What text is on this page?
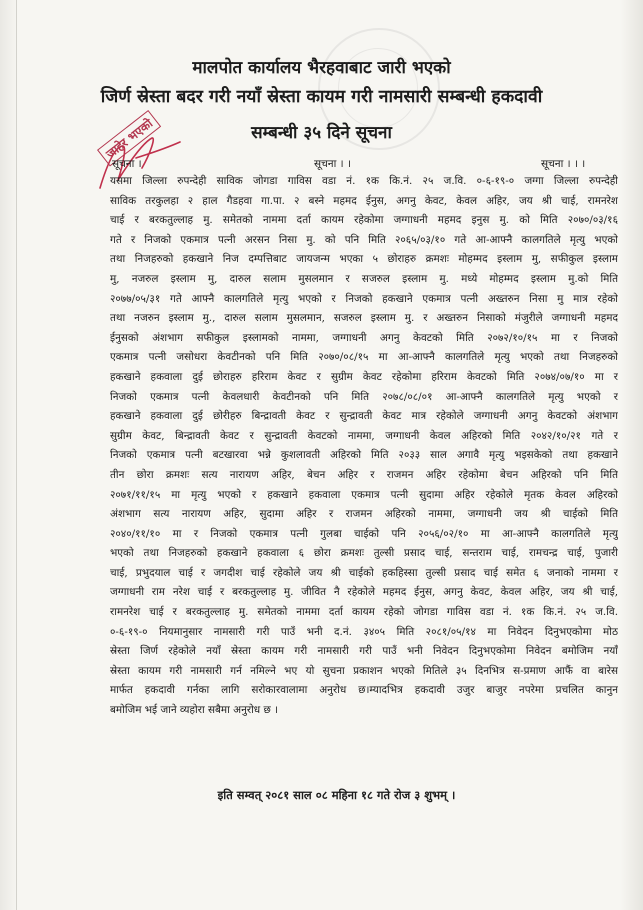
मालपोत कार्यालय भैरहवाबाट जारी भएको
जिर्ण स्रेस्ता बदर गरी नयाँ स्रेस्ता कायम गरी नामसारी सम्बन्धी हकदावी
सम्बन्धी ३५ दिने सूचना
जाहेर भएको
सूचना ।	सूचना । ।	सूचना । । ।
यसमा जिल्ला रुपन्देही साविक जोगडा गाविस वडा नं. १क कि.नं. २५ ज.वि. ०-६-१९-० जग्गा जिल्ला रुपन्देही
साविक तरकुलहा २ हाल गैडहवा गा.पा. २ बस्ने महमद ईनुस, अगनु केवट, केवल अहिर, जय श्री चाई, रामनरेश
चाई र बरकतुल्लाह मु. समेतको नाममा दर्ता कायम रहेकोमा जग्गाधनी महमद इनुस मु. को मिति २०७०/०३/१६
गते र निजको एकमात्र पत्नी अरसन निसा मु. को पनि मिति २०६५/०३/१० गते आ-आफ्नै कालगतिले मृत्यु भएको
तथा निजहरुको हकखाने निज दम्पत्तिबाट जायजन्म भएका ५ छोराहरु क्रमशः मोहम्मद इस्लाम मु, सफीकुल इस्लाम
मु, नजरुल इस्लाम मु, दारुल सलाम मुसलमान र सजरुल इस्लाम मु. मध्ये मोहम्मद इस्लाम मु.को मिति
२०७७/०५/३१ गते आफ्नै कालगतिले मृत्यु भएको र निजको हकखाने एकमात्र पत्नी अख्तरुन निसा मु मात्र रहेको
तथा नजरुन इस्लाम मु., दारुल सलाम मुसलमान, सजरुल इस्लाम मु. र अख्तरुन निसाको मंजुरीले जग्गाधनी महमद
ईनुसको अंशभाग सफीकुल इस्लामको नाममा, जग्गाधनी अगनु केवटको मिति २०७२/१०/१५ मा र निजको
एकमात्र पत्नी जसोधरा केवटीनको पनि मिति २०७०/०८/१५ मा आ-आफ्नै कालगतिले मृत्यु भएको तथा निजहरुको
हकखाने हकवाला दुई छोराहरु हरिराम केवट र सुग्रीम केवट रहेकोमा हरिराम केवटको मिति २०७४/०७/१० मा र
निजको एकमात्र पत्नी केवलधारी केवटीनको पनि मिति २०७८/०८/०१ आ-आफ्नै कालगतिले मृत्यु भएको र
हकखाने हकवाला दुई छोरीहरु बिन्द्रावती केवट र सुन्द्रावती केवट मात्र रहेकोले जग्गाधनी अगनु केवटको अंशभाग
सुग्रीम केवट, बिन्द्रावती केवट र सुन्द्रावती केवटको नाममा, जग्गाधनी केवल अहिरको मिति २०४२/१०/२१ गते र
निजको एकमात्र पत्नी बटखारवा भन्ने कुशलावती अहिरको मिति २०३३ साल अगावै मृत्यु भइसकेको तथा हकखाने
तीन छोरा क्रमशः सत्य नारायण अहिर, बेचन अहिर र राजमन अहिर रहेकोमा बेचन अहिरको पनि मिति
२०७१/११/१५ मा मृत्यु भएको र हकखाने हकवाला एकमात्र पत्नी सुदामा अहिर रहेकोले मृतक केवल अहिरको
अंशभाग सत्य नारायण अहिर, सुदामा अहिर र राजमन अहिरको नाममा, जग्गाधनी जय श्री चाईको मिति
२०४०/११/१० मा र निजको एकमात्र पत्नी गुलबा चाईको पनि २०५६/०२/१० मा आ-आफ्नै कालगतिले मृत्यु
भएको तथा निजहरुको हकखाने हकवाला ६ छोरा क्रमशः तुल्सी प्रसाद चाई, सन्तराम चाई, रामचन्द्र चाई, पुजारी
चाई, प्रभुदयाल चाई र जगदीश चाई रहेकोले जय श्री चाईको हकहिस्सा तुल्सी प्रसाद चाई समेत ६ जनाको नाममा र
जग्गाधनी राम नरेश चाई र बरकतुल्लाह मु. जीवित नै रहेकोले महमद ईनुस, अगनु केवट, केवल अहिर, जय श्री चाई,
रामनरेश चाई र बरकतुल्लाह मु. समेतको नाममा दर्ता कायम रहेको जोगडा गाविस वडा नं. १क कि.नं. २५ ज.वि.
०-६-१९-० नियमानुसार नामसारी गरी पाउँ भनी द.नं. ३४०५ मिति २०८१/०५/१४ मा निवेदन दिनुभएकोमा मोठ
स्रेस्ता जिर्ण रहेकोले नयाँ स्रेस्ता कायम गरी नामसारी गरी पाउँ भनी निवेदन दिनुभएकोमा निवेदन बमोजिम नयाँ
स्रेस्ता कायम गरी नामसारी गर्न नमिल्ने भए यो सुचना प्रकाशन भएको मितिले ३५ दिनभित्र स-प्रमाण आफैं वा बारेस
मार्फत हकदावी गर्नका लागि सरोकारवालामा अनुरोध छ।म्यादभित्र हकदावी उजुर बाजुर नपरेमा प्रचलित कानुन
बमोजिम भई जाने व्यहोरा सबैमा अनुरोध छ ।
इति सम्वत् २०८१ साल ०८ महिना १८ गते रोज ३ शुभम् ।
